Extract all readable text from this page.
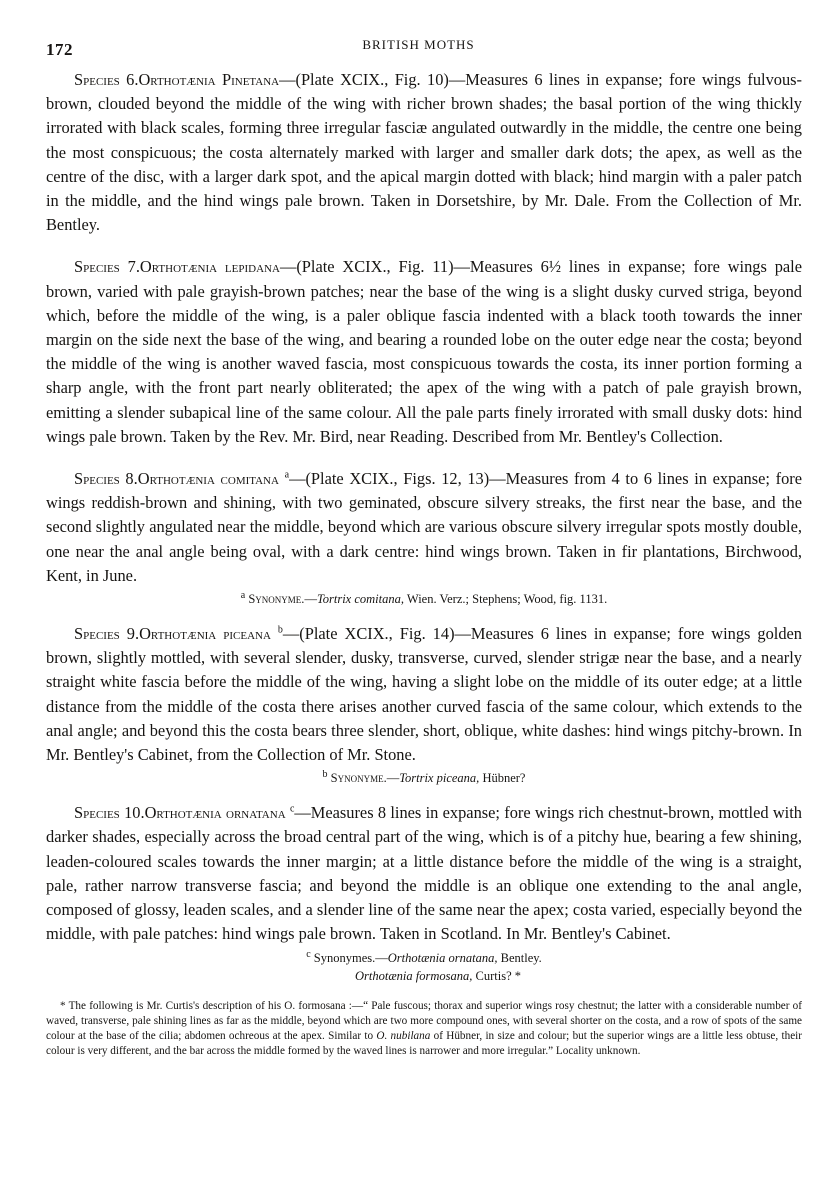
172	BRITISH MOTHS

Species 6.Orthotænia Pinetana—(Plate XCIX., Fig. 10)—Measures 6 lines in expanse; fore wings fulvous-brown, clouded beyond the middle of the wing with richer brown shades; the basal portion of the wing thickly irrorated with black scales, forming three irregular fasciæ angulated outwardly in the middle, the centre one being the most conspicuous; the costa alternately marked with larger and smaller dark dots; the apex, as well as the centre of the disc, with a larger dark spot, and the apical margin dotted with black; hind margin with a paler patch in the middle, and the hind wings pale brown. Taken in Dorsetshire, by Mr. Dale. From the Collection of Mr. Bentley.

Species 7.Orthotænia lepidana—(Plate XCIX., Fig. 11)—Measures 6½ lines in expanse; fore wings pale brown, varied with pale grayish-brown patches; near the base of the wing is a slight dusky curved striga, beyond which, before the middle of the wing, is a paler oblique fascia indented with a black tooth towards the inner margin on the side next the base of the wing, and bearing a rounded lobe on the outer edge near the costa; beyond the middle of the wing is another waved fascia, most conspicuous towards the costa, its inner portion forming a sharp angle, with the front part nearly obliterated; the apex of the wing with a patch of pale grayish brown, emitting a slender subapical line of the same colour. All the pale parts finely irrorated with small dusky dots: hind wings pale brown. Taken by the Rev. Mr. Bird, near Reading. Described from Mr. Bentley's Collection.

Species 8.Orthotænia comitana $^a$—(Plate XCIX., Figs. 12, 13)—Measures from 4 to 6 lines in expanse; fore wings reddish-brown and shining, with two geminated, obscure silvery streaks, the first near the base, and the second slightly angulated near the middle, beyond which are various obscure silvery irregular spots mostly double, one near the anal angle being oval, with a dark centre: hind wings brown. Taken in fir plantations, Birchwood, Kent, in June.

$^a$ Synonyme.—Tortrix comitana, Wien. Verz.; Stephens; Wood, fig. 1131.

Species 9.Orthotænia piceana $^b$—(Plate XCIX., Fig. 14)—Measures 6 lines in expanse; fore wings golden brown, slightly mottled, with several slender, dusky, transverse, curved, slender strigæ near the base, and a nearly straight white fascia before the middle of the wing, having a slight lobe on the middle of its outer edge; at a little distance from the middle of the costa there arises another curved fascia of the same colour, which extends to the anal angle; and beyond this the costa bears three slender, short, oblique, white dashes: hind wings pitchy-brown. In Mr. Bentley's Cabinet, from the Collection of Mr. Stone.

$^b$ Synonyme.—Tortrix piceana, Hübner?

Species 10.Orthotænia ornatana $^c$—Measures 8 lines in expanse; fore wings rich chestnut-brown, mottled with darker shades, especially across the broad central part of the wing, which is of a pitchy hue, bearing a few shining, leaden-coloured scales towards the inner margin; at a little distance before the middle of the wing is a straight, pale, rather narrow transverse fascia; and beyond the middle is an oblique one extending to the anal angle, composed of glossy, leaden scales, and a slender line of the same near the apex; costa varied, especially beyond the middle, with pale patches: hind wings pale brown. Taken in Scotland. In Mr. Bentley's Cabinet.

$^c$ Synonymes.—Orthotænia ornatana, Bentley.
Orthotænia formosana, Curtis? *

* The following is Mr. Curtis's description of his O. formosana :—“ Pale fuscous; thorax and superior wings rosy chestnut; the latter with a considerable number of waved, transverse, pale shining lines as far as the middle, beyond which are two more compound ones, with several shorter on the costa, and a row of spots of the same colour at the base of the cilia; abdomen ochreous at the apex. Similar to O. nubilana of Hübner, in size and colour; but the superior wings are a little less obtuse, their colour is very different, and the bar across the middle formed by the waved lines is narrower and more irregular.” Locality unknown.
